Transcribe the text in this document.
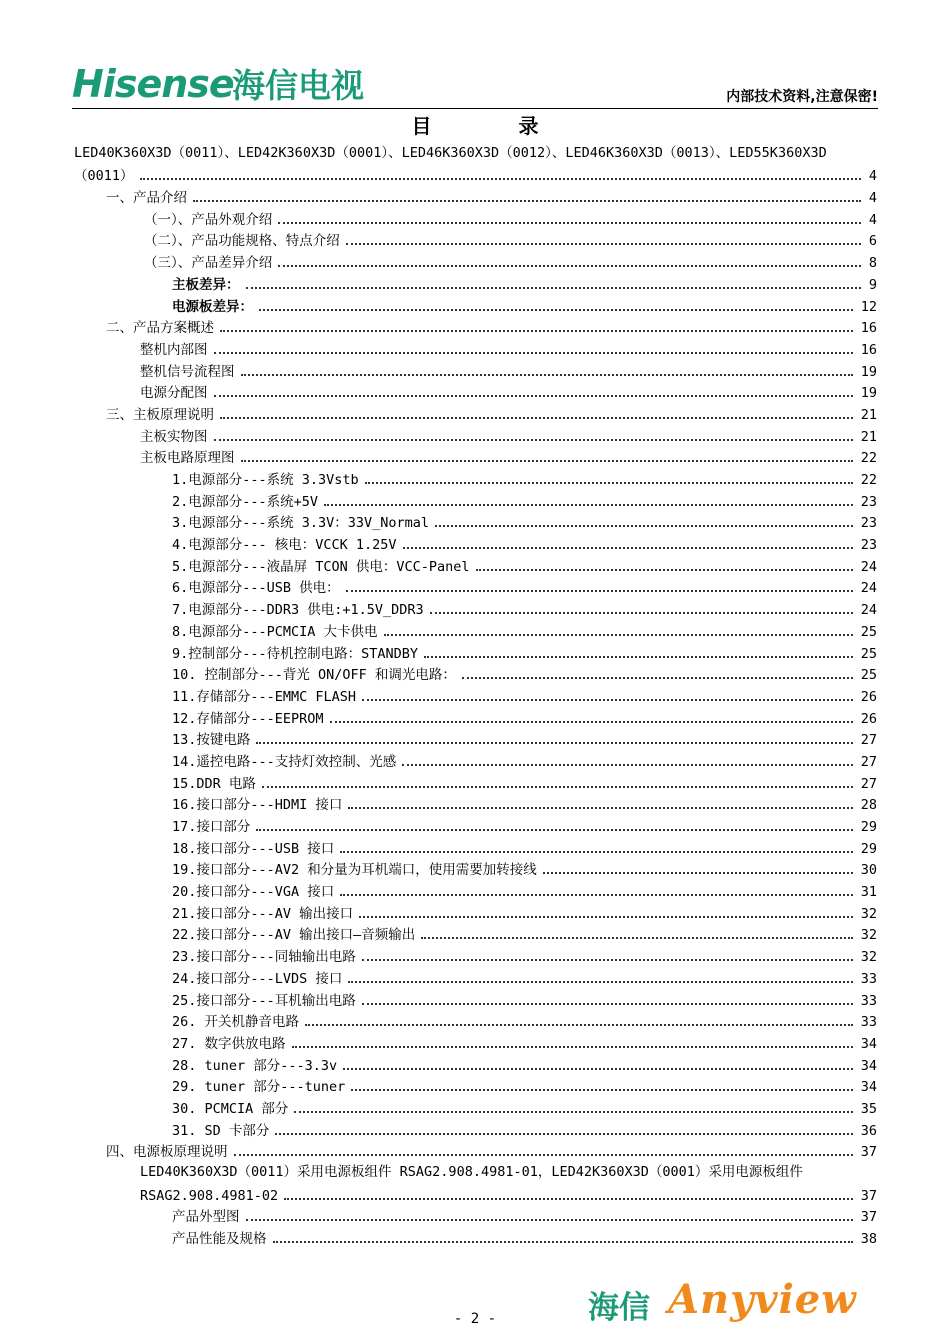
Hisense
海信电视	内部技术资料,注意保密!
目 录
LED40K360X3D（0011）、LED42K360X3D（0001）、LED46K360X3D（0012）、LED46K360X3D（0013）、LED55K360X3D
（0011）	4
一、产品介绍	4
（一）、产品外观介绍	4
（二）、产品功能规格、特点介绍	6
（三）、产品差异介绍	8
主板差异：	9
电源板差异：	12
二、产品方案概述	16
整机内部图	16
整机信号流程图	19
电源分配图	19
三、主板原理说明	21
主板实物图	21
主板电路原理图	22
1.电源部分---系统 3.3Vstb	22
2.电源部分---系统+5V	23
3.电源部分---系统 3.3V：33V_Normal	23
4.电源部分--- 核电：VCCK 1.25V	23
5.电源部分---液晶屏 TCON 供电：VCC-Panel	24
6.电源部分---USB 供电：	24
7.电源部分---DDR3 供电:+1.5V_DDR3	24
8.电源部分---PCMCIA 大卡供电	25
9.控制部分---待机控制电路：STANDBY	25
10. 控制部分---背光 ON/OFF 和调光电路：	25
11.存储部分---EMMC FLASH	26
12.存储部分---EEPROM	26
13.按键电路	27
14.遥控电路---支持灯效控制、光感	27
15.DDR 电路	27
16.接口部分---HDMI 接口	28
17.接口部分	29
18.接口部分---USB 接口	29
19.接口部分---AV2 和分量为耳机端口，使用需要加转接线	30
20.接口部分---VGA 接口	31
21.接口部分---AV 输出接口	32
22.接口部分---AV 输出接口—音频输出	32
23.接口部分---同轴输出电路	32
24.接口部分---LVDS 接口	33
25.接口部分---耳机输出电路	33
26. 开关机静音电路	33
27. 数字供放电路	34
28. tuner 部分---3.3v	34
29. tuner 部分---tuner	34
30. PCMCIA 部分	35
31. SD 卡部分	36
四、电源板原理说明	37
LED40K360X3D（0011）采用电源板组件 RSAG2.908.4981-01，LED42K360X3D（0001）采用电源板组件
RSAG2.908.4981-02	37
产品外型图	37
产品性能及规格	38
- 2 -	海信 Anyview
